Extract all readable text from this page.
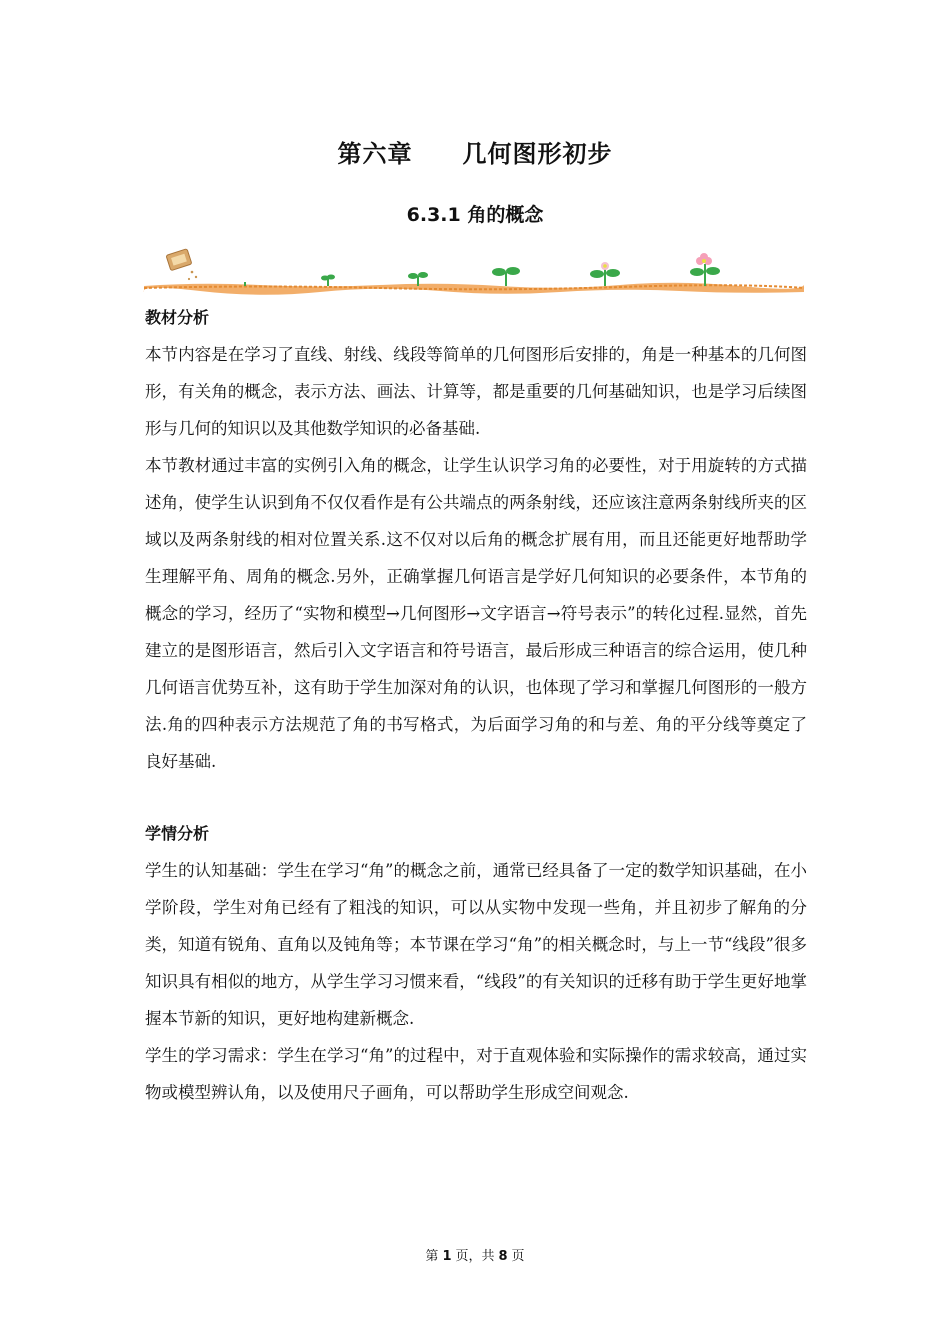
第六章　　几何图形初步
6.3.1 角的概念
教材分析

本节内容是在学习了直线、射线、线段等简单的几何图形后安排的，角是一种基本的几何图形，有关角的概念，表示方法、画法、计算等，都是重要的几何基础知识，也是学习后续图形与几何的知识以及其他数学知识的必备基础.

本节教材通过丰富的实例引入角的概念，让学生认识学习角的必要性，对于用旋转的方式描述角，使学生认识到角不仅仅看作是有公共端点的两条射线，还应该注意两条射线所夹的区域以及两条射线的相对位置关系.这不仅对以后角的概念扩展有用，而且还能更好地帮助学生理解平角、周角的概念.另外，正确掌握几何语言是学好几何知识的必要条件，本节角的概念的学习，经历了“实物和模型→几何图形→文字语言→符号表示”的转化过程.显然，首先建立的是图形语言，然后引入文字语言和符号语言，最后形成三种语言的综合运用，使几种几何语言优势互补，这有助于学生加深对角的认识，也体现了学习和掌握几何图形的一般方法.角的四种表示方法规范了角的书写格式，为后面学习角的和与差、角的平分线等奠定了良好基础.

学情分析

学生的认知基础：学生在学习“角”的概念之前，通常已经具备了一定的数学知识基础，在小学阶段，学生对角已经有了粗浅的知识，可以从实物中发现一些角，并且初步了解角的分类，知道有锐角、直角以及钝角等；本节课在学习“角”的相关概念时，与上一节“线段”很多知识具有相似的地方，从学生学习习惯来看，“线段”的有关知识的迁移有助于学生更好地掌握本节新的知识，更好地构建新概念.

学生的学习需求：学生在学习“角”的过程中，对于直观体验和实际操作的需求较高，通过实物或模型辨认角，以及使用尺子画角，可以帮助学生形成空间观念.

第 1 页，共 8 页
